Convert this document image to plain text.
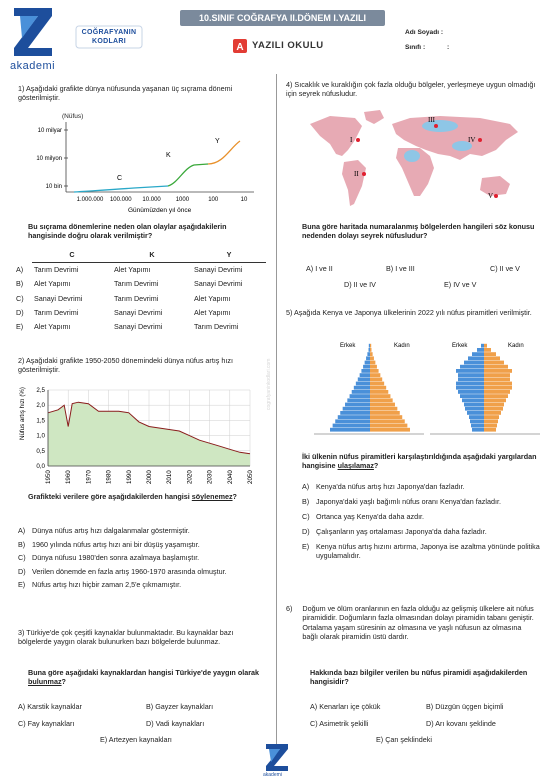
akademi
COĞRAFYANIN
KODLARI
10.SINIF COĞRAFYA II.DÖNEM I.YAZILI
A YAZILI OKULU
Adı Soyadı :
Sınıfı :	:
cografyaninkodlari.com
1) Aşağıdaki grafikte dünya nüfusunda yaşanan üç sıçrama dönemi gösterilmiştir.
(Nüfus)
10 milyar
10 milyon
10 bin
1.000.000 100.000 10.000 1000	100	10
C
K
Y
Günümüzden yıl önce
Bu sıçrama dönemlerine neden olan olaylar aşağıdakilerin hangisinde doğru olarak verilmiştir?
	C	K	Y
A)	Tarım Devrimi	Alet Yapımı	Sanayi Devrimi
B)	Alet Yapımı	Tarım Devrimi	Sanayi Devrimi
C)	Sanayi Devrimi	Tarım Devrimi	Alet Yapımı
D)	Tarım Devrimi	Sanayi Devrimi	Alet Yapımı
E)	Alet Yapımı	Sanayi Devrimi	Tarım Devrimi
2) Aşağıdaki grafikte 1950-2050 dönemindeki dünya nüfus artış hızı gösterilmiştir.
Nüfus artış hızı (%)
0,0
0,5
1,0
1,5
2,0
2,5
1950 1960 1970 1980 1990 2000 2010 2020 2030 2040 2050
Grafikteki verilere göre aşağıdakilerden hangisi söylenemez?
A) Dünya nüfus artış hızı dalgalanmalar göstermiştir.
B) 1960 yılında nüfus artış hızı ani bir düşüş yaşamıştır.
C) Dünya nüfusu 1980'den sonra azalmaya başlamıştır.
D) Verilen dönemde en fazla artış 1960-1970 arasında olmuştur.
E) Nüfus artış hızı hiçbir zaman 2,5'e çıkmamıştır.
3) Türkiye'de çok çeşitli kaynaklar bulunmaktadır. Bu kaynaklar bazı bölgelerde yaygın olarak bulunurken bazı bölgelerde bulunmaz.
Buna göre aşağıdaki kaynaklardan hangisi Türkiye'de yaygın olarak bulunmaz?
A) Karstik kaynaklar	B) Gayzer kaynakları
C) Fay kaynakları	D) Vadi kaynakları
E) Artezyen kaynakları
4) Sıcaklık ve kuraklığın çok fazla olduğu bölgeler, yerleşmeye uygun olmadığı için seyrek nüfusludur.
I
II
III
IV
V
Buna göre haritada numaralanmış bölgelerden hangileri söz konusu nedenden dolayı seyrek nüfusludur?
A) I ve II	B) I ve III	C) II ve V
D) II ve IV	E) IV ve V
5) Aşağıda Kenya ve Japonya ülkelerinin 2022 yılı nüfus piramitleri verilmiştir.
Erkek	Kadın	Erkek	Kadın
İki ülkenin nüfus piramitleri karşılaştırıldığında aşağıdaki yargılardan hangisine ulaşılamaz?
A) Kenya'da nüfus artış hızı Japonya'dan fazladır.
B) Japonya'daki yaşlı bağımlı nüfus oranı Kenya'dan fazladır.
C) Ortanca yaş Kenya'da daha azdır.
D) Çalışanların yaş ortalaması Japonya'da daha fazladır.
E) Kenya nüfus artış hızını artırma, Japonya ise azaltma yönünde politika uygulamalıdır.
6) Doğum ve ölüm oranlarının en fazla olduğu az gelişmiş ülkelere ait nüfus piramididir. Doğumların fazla olmasından dolayı piramidin tabanı geniştir. Ortalama yaşam süresinin az olmasına ve yaşlı nüfusun az olmasına bağlı olarak piramidin üstü dardır.
Hakkında bazı bilgiler verilen bu nüfus piramidi aşağıdakilerden hangisidir?
A) Kenarları içe çökük	B) Düzgün üçgen biçimli
C) Asimetrik şekilli	D) Arı kovanı şeklinde
E) Çan şeklindeki
akademi
